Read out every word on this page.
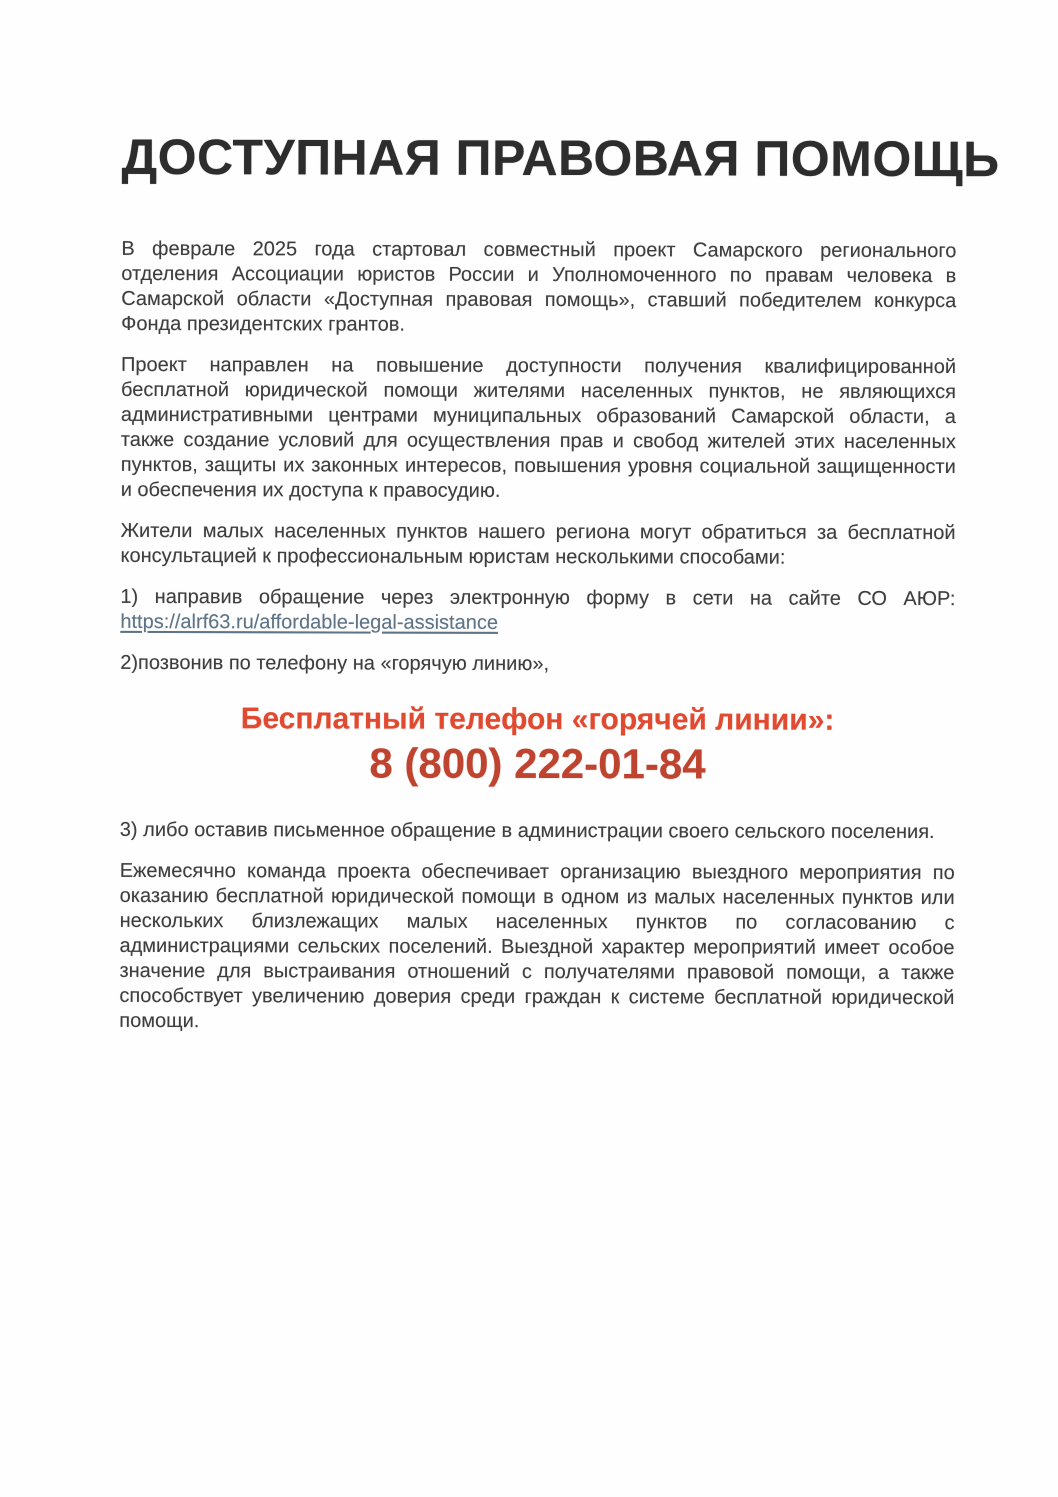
ДОСТУПНАЯ ПРАВОВАЯ ПОМОЩЬ

В феврале 2025 года стартовал совместный проект Самарского регионального отделения Ассоциации юристов России и Уполномоченного по правам человека в Самарской области «Доступная правовая помощь», ставший победителем конкурса Фонда президентских грантов.

Проект направлен на повышение доступности получения квалифицированной бесплатной юридической помощи жителями населенных пунктов, не являющихся административными центрами муниципальных образований Самарской области, а также создание условий для осуществления прав и свобод жителей этих населенных пунктов, защиты их законных интересов, повышения уровня социальной защищенности и обеспечения их доступа к правосудию.

Жители малых населенных пунктов нашего региона могут обратиться за бесплатной консультацией к профессиональным юристам несколькими способами:

1) направив обращение через электронную форму в сети на сайте СО АЮР:
https://alrf63.ru/affordable-legal-assistance

2)позвонив по телефону на «горячую линию»,

Бесплатный телефон «горячей линии»:
8 (800) 222-01-84

3) либо оставив письменное обращение в администрации своего сельского поселения.

Ежемесячно команда проекта обеспечивает организацию выездного мероприятия по оказанию бесплатной юридической помощи в одном из малых населенных пунктов или нескольких близлежащих малых населенных пунктов по согласованию с администрациями сельских поселений. Выездной характер мероприятий имеет особое значение для выстраивания отношений с получателями правовой помощи, а также способствует увеличению доверия среди граждан к системе бесплатной юридической помощи.
